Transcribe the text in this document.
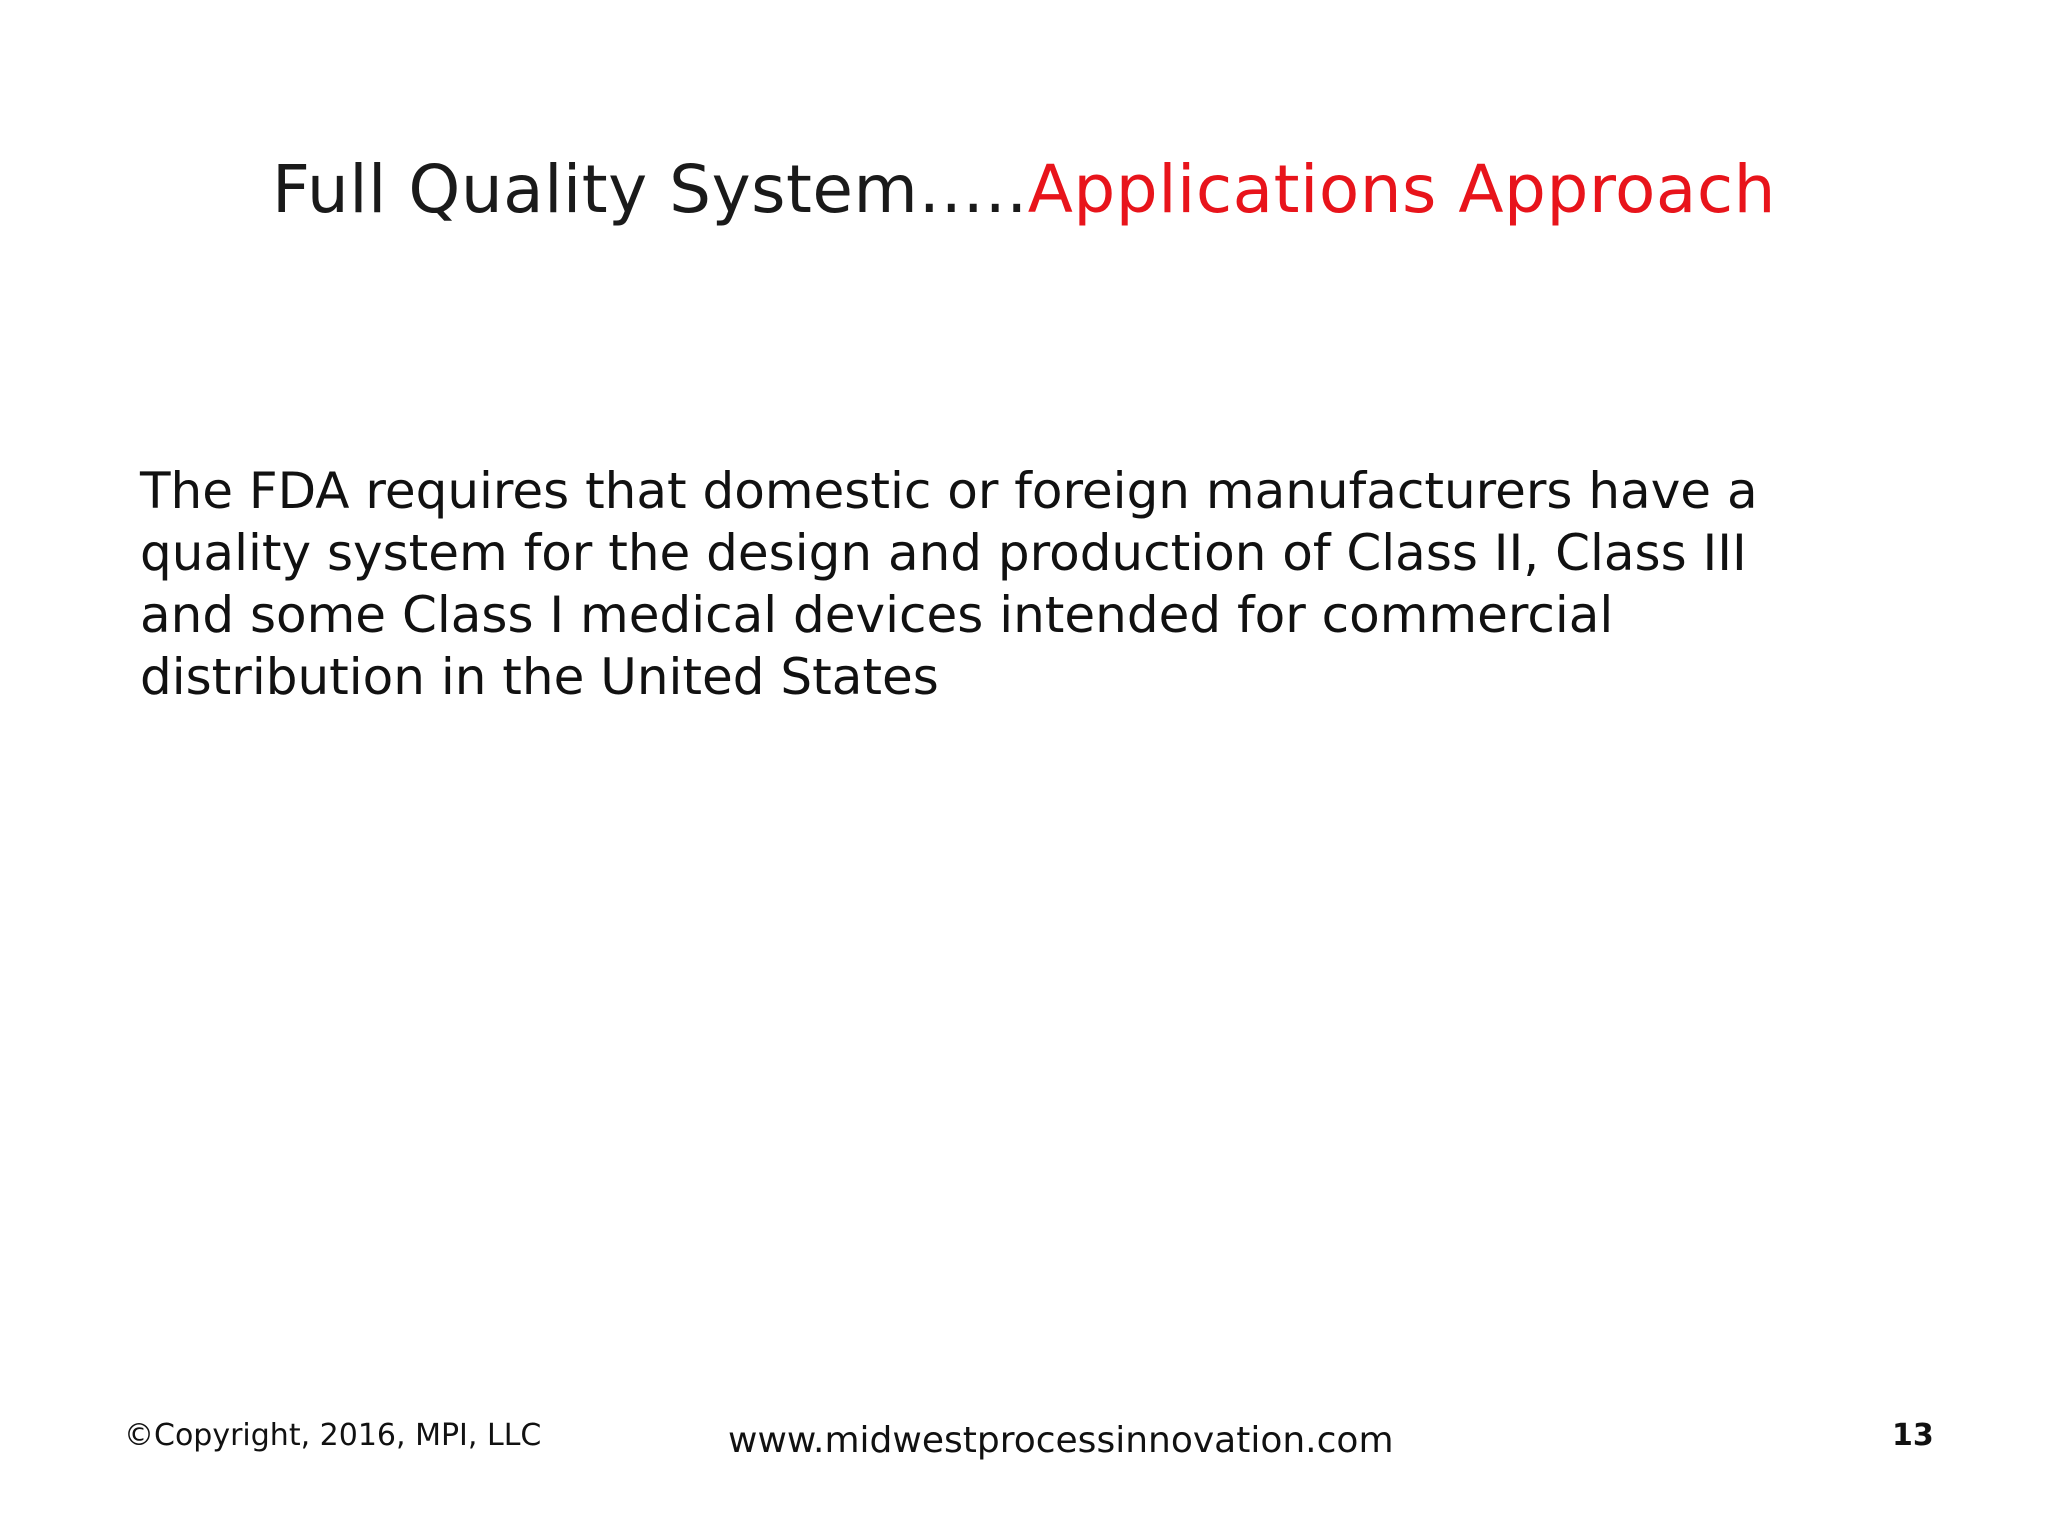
Full Quality System…..Applications Approach
The FDA requires that domestic or foreign manufacturers have a
quality system for the design and production of Class II, Class III
and some Class I medical devices intended for commercial
distribution in the United States
©Copyright, 2016, MPI, LLC	www.midwestprocessinnovation.com	13
